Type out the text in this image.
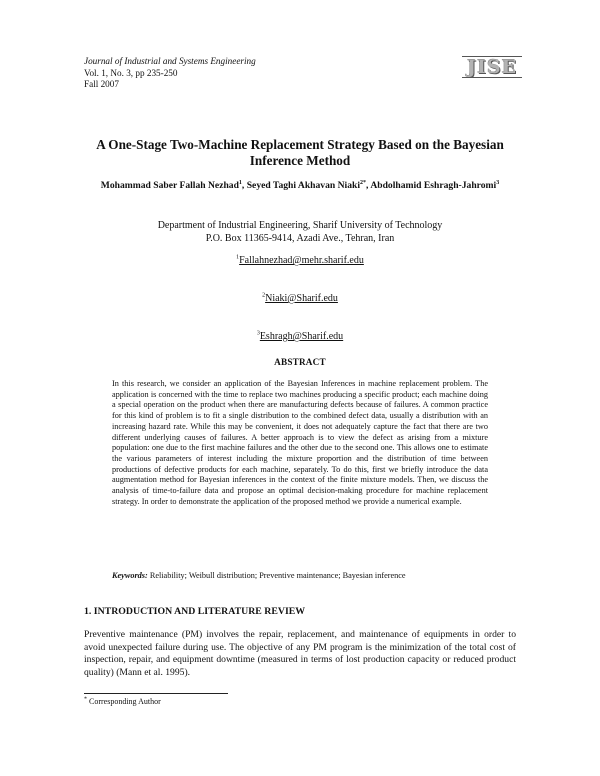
Journal of Industrial and Systems Engineering
Vol. 1, No. 3, pp 235-250
Fall 2007
JISE
A One-Stage Two-Machine Replacement Strategy Based on the Bayesian Inference Method
Mohammad Saber Fallah Nezhad$^1$, Seyed Taghi Akhavan Niaki$^{2*}$, Abdolhamid Eshragh-Jahromi$^3$
Department of Industrial Engineering, Sharif University of Technology
P.O. Box 11365-9414, Azadi Ave., Tehran, Iran
$^1$Fallahnezhad@mehr.sharif.edu
$^2$Niaki@Sharif.edu
$^3$Eshragh@Sharif.edu
ABSTRACT

In this research, we consider an application of the Bayesian Inferences in machine replacement problem. The application is concerned with the time to replace two machines producing a specific product; each machine doing a special operation on the product when there are manufacturing defects because of failures. A common practice for this kind of problem is to fit a single distribution to the combined defect data, usually a distribution with an increasing hazard rate. While this may be convenient, it does not adequately capture the fact that there are two different underlying causes of failures. A better approach is to view the defect as arising from a mixture population: one due to the first machine failures and the other due to the second one. This allows one to estimate the various parameters of interest including the mixture proportion and the distribution of time between productions of defective products for each machine, separately. To do this, first we briefly introduce the data augmentation method for Bayesian inferences in the context of the finite mixture models. Then, we discuss the analysis of time-to-failure data and propose an optimal decision-making procedure for machine replacement strategy. In order to demonstrate the application of the proposed method we provide a numerical example.

Keywords: Reliability; Weibull distribution; Preventive maintenance; Bayesian inference
1. INTRODUCTION AND LITERATURE REVIEW

Preventive maintenance (PM) involves the repair, replacement, and maintenance of equipments in order to avoid unexpected failure during use. The objective of any PM program is the minimization of the total cost of inspection, repair, and equipment downtime (measured in terms of lost production capacity or reduced product quality) (Mann et al. 1995).

* Corresponding Author
